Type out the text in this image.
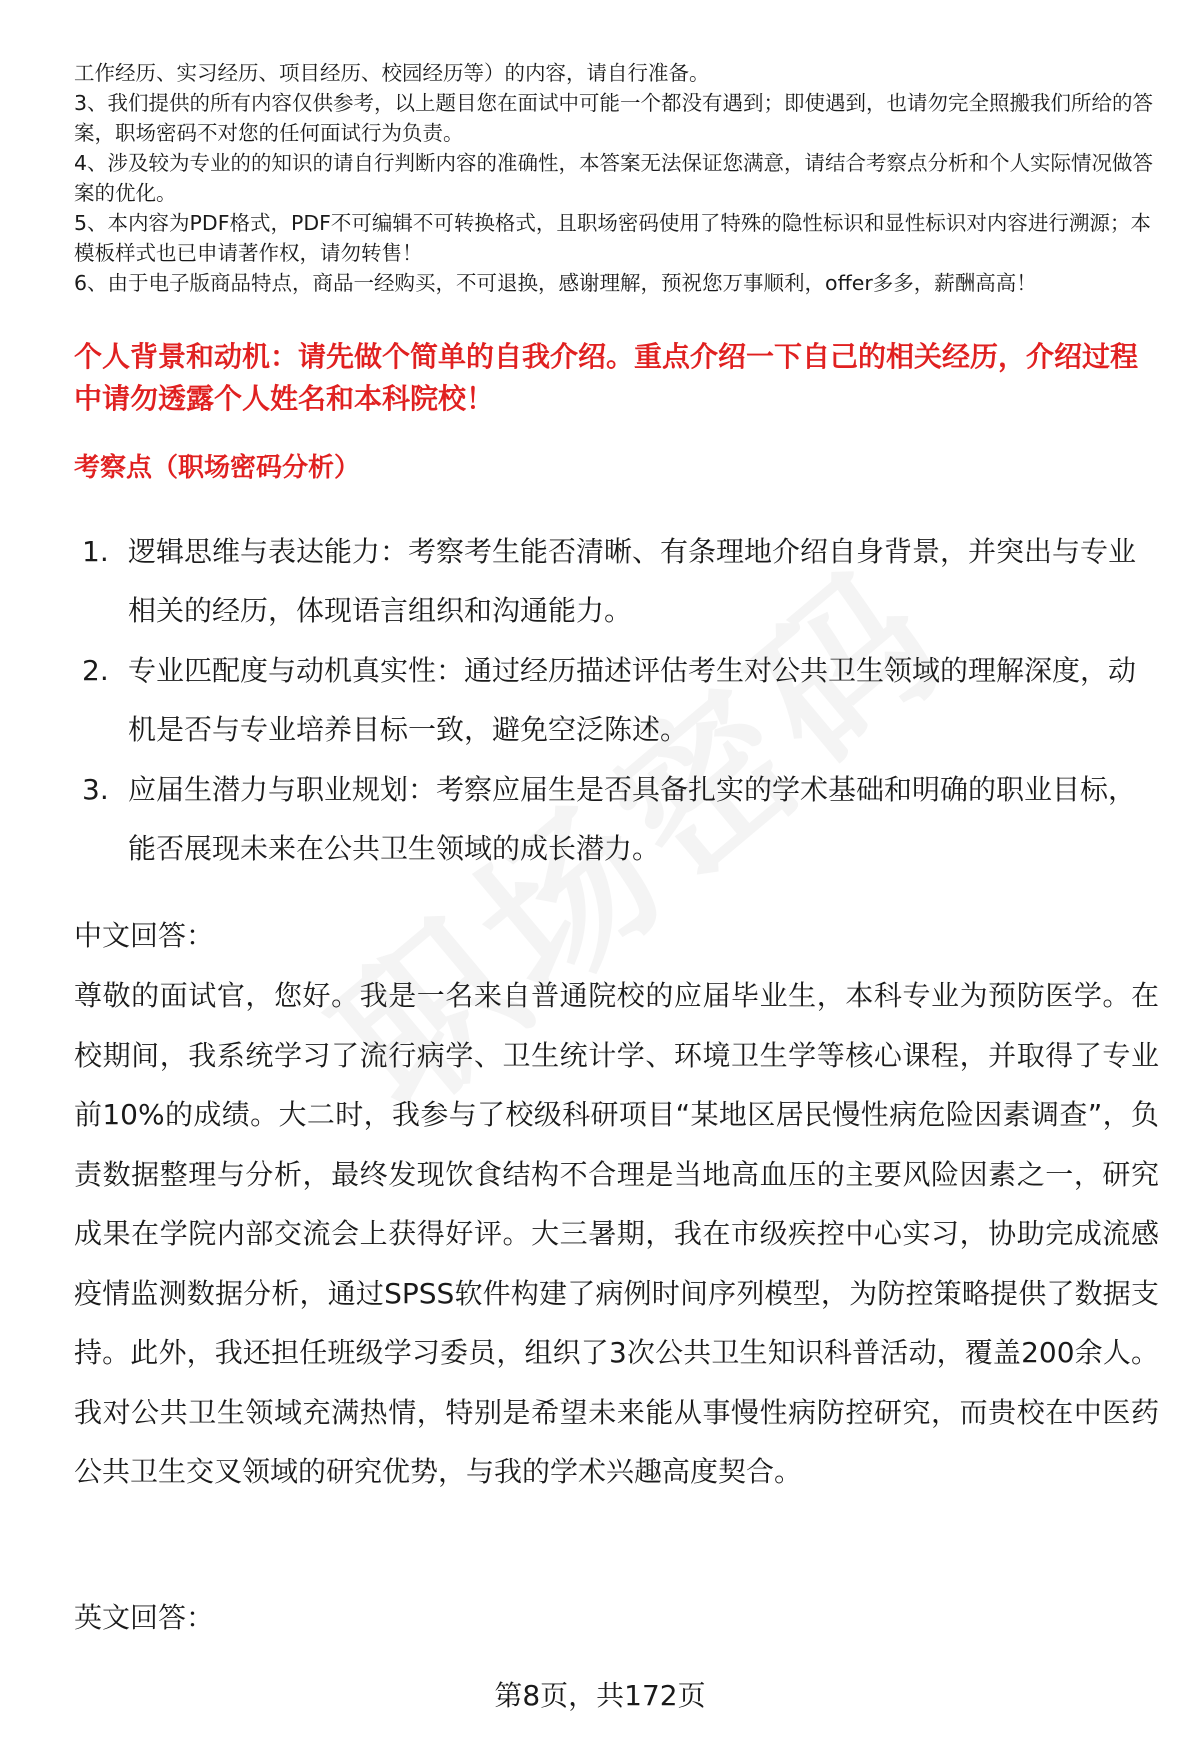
工作经历、实习经历、项目经历、校园经历等）的内容，请自行准备。

3、我们提供的所有内容仅供参考，以上题目您在面试中可能一个都没有遇到；即使遇到，也请勿完全照搬我们所给的答案，职场密码不对您的任何面试行为负责。

4、涉及较为专业的的知识的请自行判断内容的准确性，本答案无法保证您满意，请结合考察点分析和个人实际情况做答案的优化。

5、本内容为PDF格式，PDF不可编辑不可转换格式，且职场密码使用了特殊的隐性标识和显性标识对内容进行溯源；本模板样式也已申请著作权，请勿转售！

6、由于电子版商品特点，商品一经购买，不可退换，感谢理解，预祝您万事顺利，offer多多，薪酬高高！

个人背景和动机：请先做个简单的自我介绍。重点介绍一下自己的相关经历，介绍过程中请勿透露个人姓名和本科院校！

考察点（职场密码分析）

1. 逻辑思维与表达能力：考察考生能否清晰、有条理地介绍自身背景，并突出与专业相关的经历，体现语言组织和沟通能力。
2. 专业匹配度与动机真实性：通过经历描述评估考生对公共卫生领域的理解深度，动机是否与专业培养目标一致，避免空泛陈述。
3. 应届生潜力与职业规划：考察应届生是否具备扎实的学术基础和明确的职业目标，能否展现未来在公共卫生领域的成长潜力。

中文回答：

尊敬的面试官，您好。我是一名来自普通院校的应届毕业生，本科专业为预防医学。在校期间，我系统学习了流行病学、卫生统计学、环境卫生学等核心课程，并取得了专业前10%的成绩。大二时，我参与了校级科研项目“某地区居民慢性病危险因素调查”，负责数据整理与分析，最终发现饮食结构不合理是当地高血压的主要风险因素之一，研究成果在学院内部交流会上获得好评。大三暑期，我在市级疾控中心实习，协助完成流感疫情监测数据分析，通过SPSS软件构建了病例时间序列模型，为防控策略提供了数据支持。此外，我还担任班级学习委员，组织了3次公共卫生知识科普活动，覆盖200余人。我对公共卫生领域充满热情，特别是希望未来能从事慢性病防控研究，而贵校在中医药公共卫生交叉领域的研究优势，与我的学术兴趣高度契合。

英文回答：

第8页，共172页
